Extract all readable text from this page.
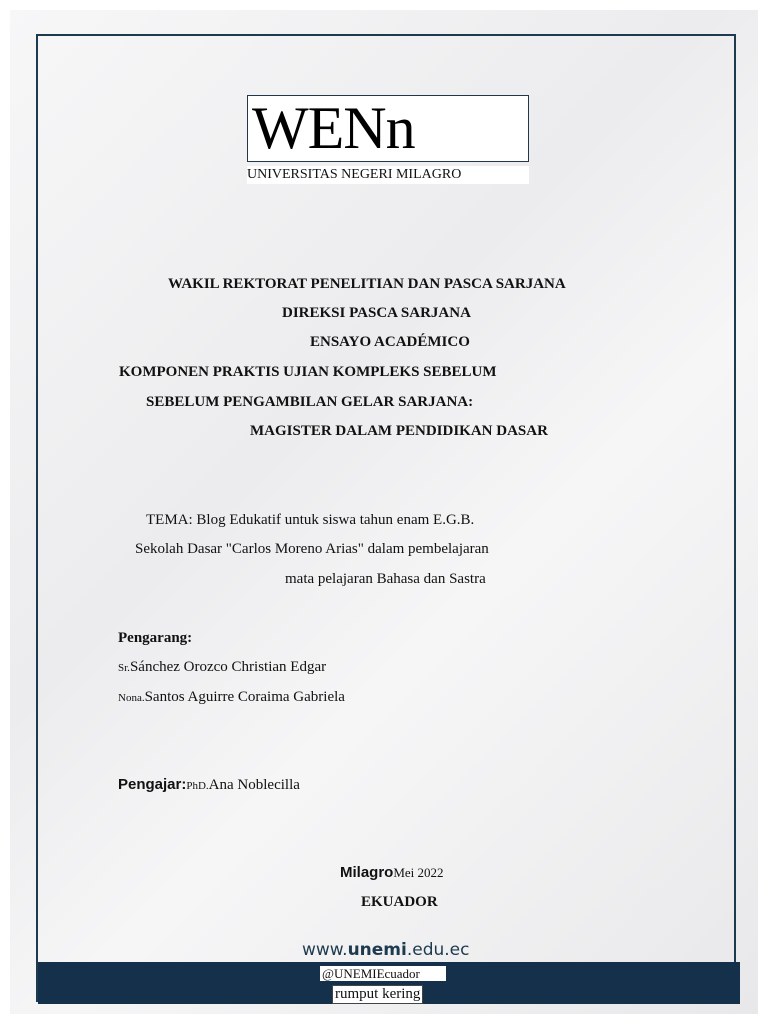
WENn
UNIVERSITAS NEGERI MILAGRO
WAKIL REKTORAT PENELITIAN DAN PASCA SARJANA
DIREKSI PASCA SARJANA
ENSAYO ACADÉMICO
KOMPONEN PRAKTIS UJIAN KOMPLEKS SEBELUM
SEBELUM PENGAMBILAN GELAR SARJANA:
MAGISTER DALAM PENDIDIKAN DASAR
TEMA: Blog Edukatif untuk siswa tahun enam E.G.B.
Sekolah Dasar "Carlos Moreno Arias" dalam pembelajaran
mata pelajaran Bahasa dan Sastra
Pengarang:
Sr.Sánchez Orozco Christian Edgar
Nona.Santos Aguirre Coraima Gabriela
Pengajar:PhD.Ana Noblecilla
MilagroMei 2022
EKUADOR
www.unemi.edu.ec
@UNEMIEcuador
rumput kering
